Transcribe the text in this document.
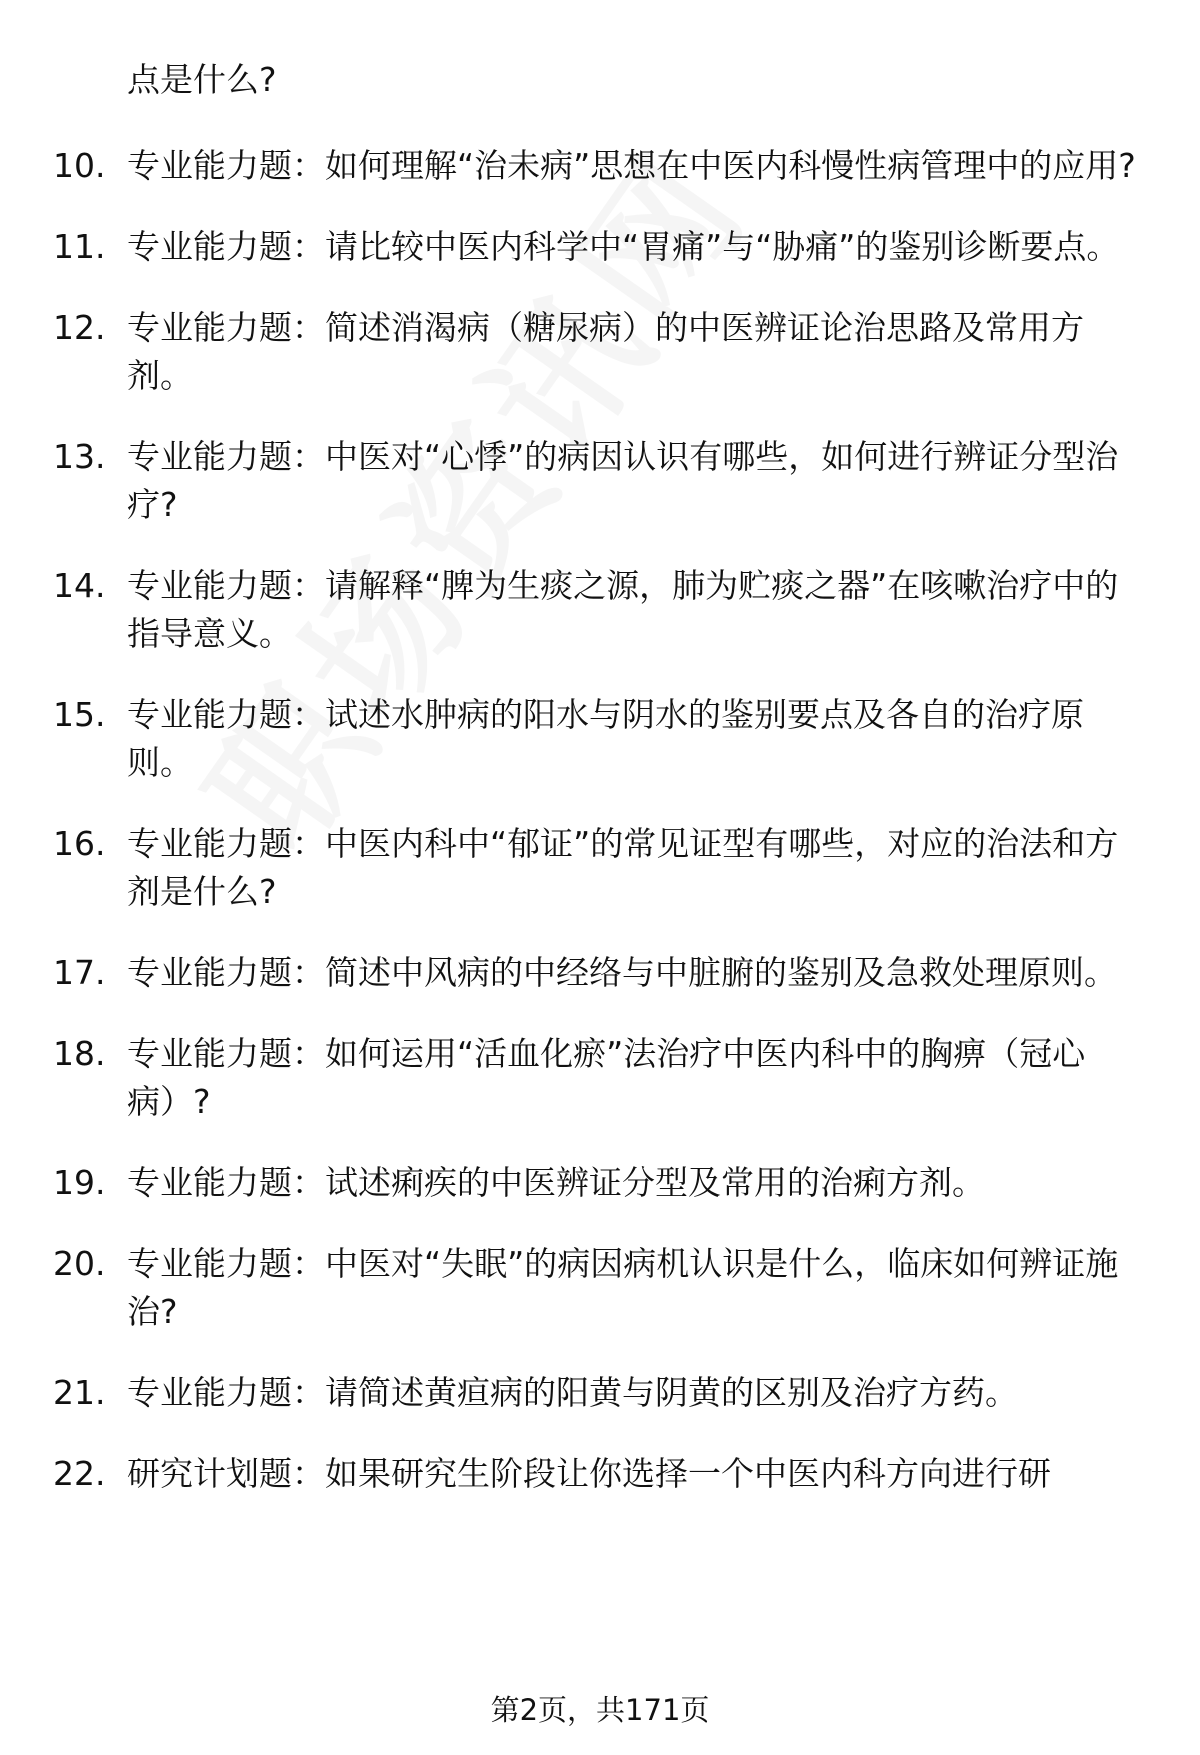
点是什么?
10. 专业能力题：如何理解“治未病”思想在中医内科慢性病管理中的应用?
11. 专业能力题：请比较中医内科学中“胃痛”与“胁痛”的鉴别诊断要点。
12. 专业能力题：简述消渴病（糖尿病）的中医辨证论治思路及常用方剂。
13. 专业能力题：中医对“心悸”的病因认识有哪些，如何进行辨证分型治疗?
14. 专业能力题：请解释“脾为生痰之源，肺为贮痰之器”在咳嗽治疗中的指导意义。
15. 专业能力题：试述水肿病的阳水与阴水的鉴别要点及各自的治疗原则。
16. 专业能力题：中医内科中“郁证”的常见证型有哪些，对应的治法和方剂是什么?
17. 专业能力题：简述中风病的中经络与中脏腑的鉴别及急救处理原则。
18. 专业能力题：如何运用“活血化瘀”法治疗中医内科中的胸痹（冠心病）?
19. 专业能力题：试述痢疾的中医辨证分型及常用的治痢方剂。
20. 专业能力题：中医对“失眠”的病因病机认识是什么，临床如何辨证施治?
21. 专业能力题：请简述黄疸病的阳黄与阴黄的区别及治疗方药。
22. 研究计划题：如果研究生阶段让你选择一个中医内科方向进行研
第2页，共171页
